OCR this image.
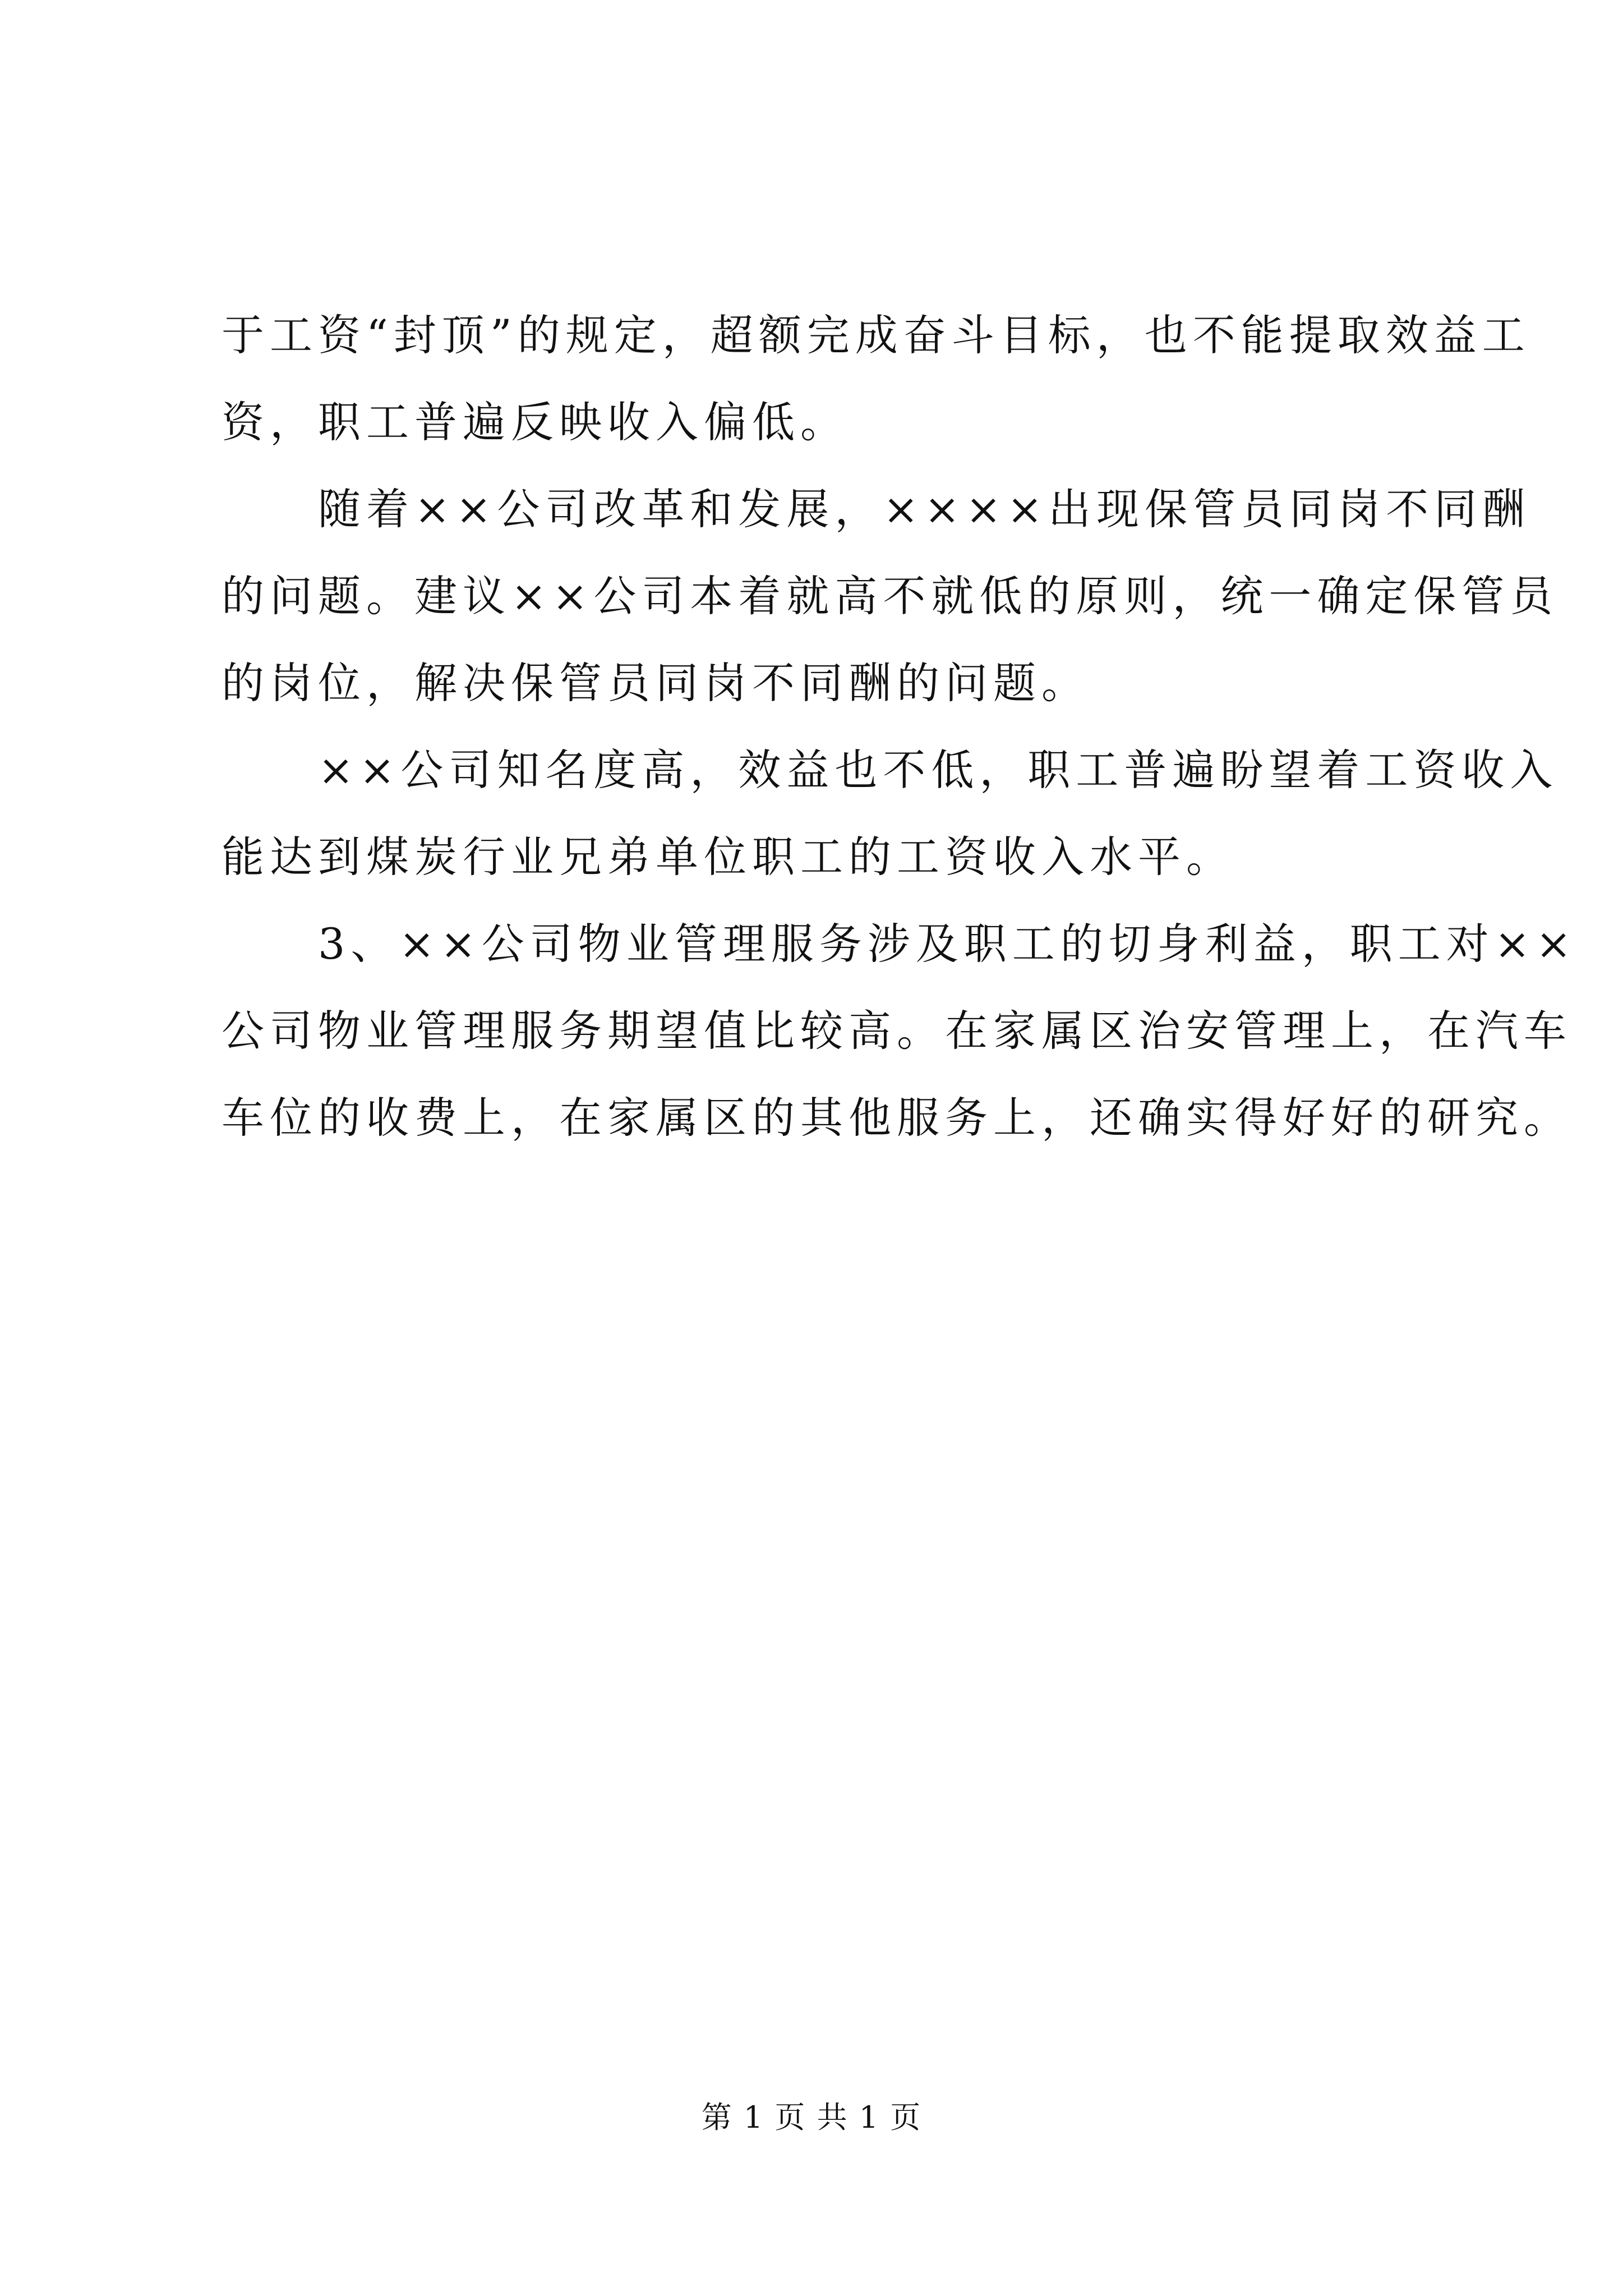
于工资“封顶”的规定，超额完成奋斗目标，也不能提取效益工
资，职工普遍反映收入偏低。
　　随着××公司改革和发展，××××出现保管员同岗不同酬
的问题。建议××公司本着就高不就低的原则，统一确定保管员
的岗位，解决保管员同岗不同酬的问题。
　　××公司知名度高，效益也不低，职工普遍盼望着工资收入
能达到煤炭行业兄弟单位职工的工资收入水平。
　　3、××公司物业管理服务涉及职工的切身利益，职工对××
公司物业管理服务期望值比较高。在家属区治安管理上，在汽车
车位的收费上，在家属区的其他服务上，还确实得好好的研究。
第 1 页 共 1 页
